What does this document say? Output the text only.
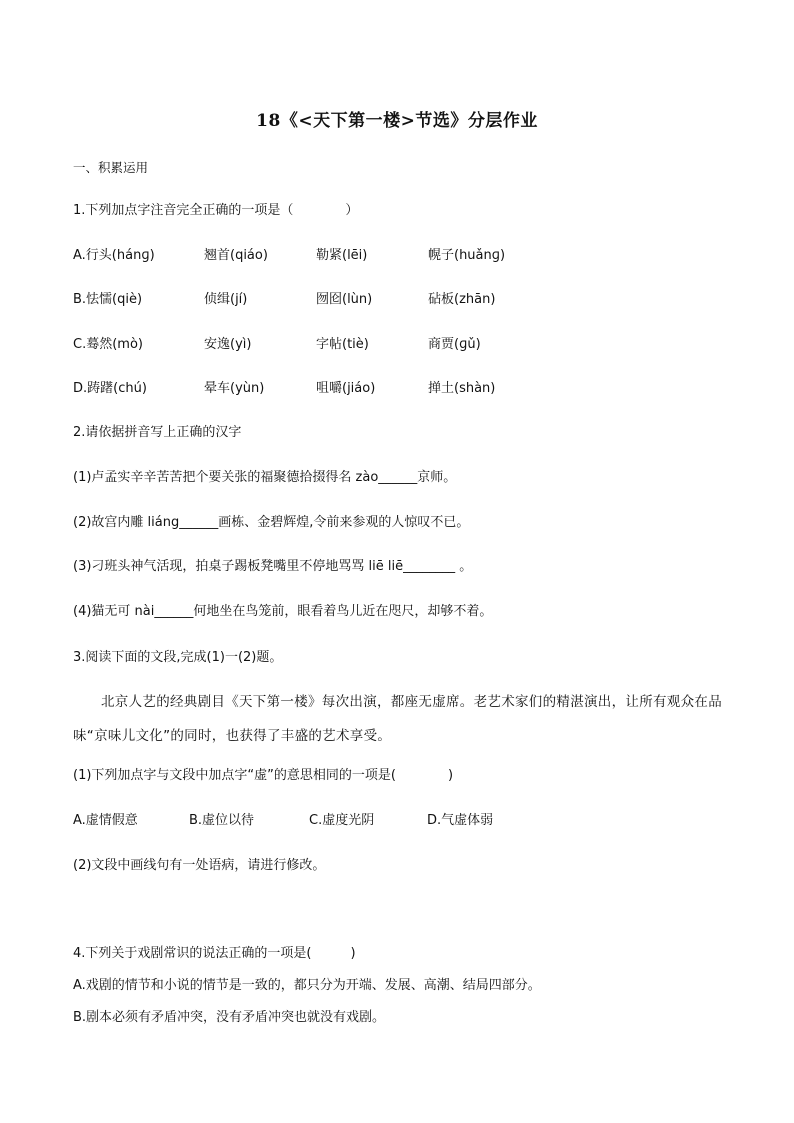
18《<天下第一楼>节选》分层作业
一、积累运用
1.下列加点字注音完全正确的一项是（　　　　）
A.行头(hánɡ)	翘首(qiáo)	勒紧(lēi)	幌子(huǎnɡ)
B.怯懦(qiè)	侦缉(jí)	囫囵(lùn)	砧板(zhān)
C.蓦然(mò)	安逸(yì)	字帖(tiè)	商贾(ɡǔ)
D.踌躇(chú)	晕车(yùn)	咀嚼(jiáo)	掸土(shàn)
2.请依据拼音写上正确的汉字
(1)卢孟实辛辛苦苦把个要关张的福聚德拾掇得名 zào______京师。
(2)故宫内雕 liáng______画栋、金碧辉煌,令前来参观的人惊叹不已。
(3)刁班头神气活现，拍桌子踢板凳嘴里不停地骂骂 liē liē________ 。
(4)猫无可 nài______何地坐在鸟笼前，眼看着鸟儿近在咫尺，却够不着。
3.阅读下面的文段,完成(1)一(2)题。
北京人艺的经典剧目《天下第一楼》每次出演，都座无虚席。老艺术家们的精湛演出，让所有观众在品味“京味儿文化”的同时，也获得了丰盛的艺术享受。
(1)下列加点字与文段中加点字“虚”的意思相同的一项是(　　　　)
A.虚情假意	B.虚位以待	C.虚度光阴	D.气虚体弱
(2)文段中画线句有一处语病，请进行修改。
4.下列关于戏剧常识的说法正确的一项是(　　　)
A.戏剧的情节和小说的情节是一致的，都只分为开端、发展、高潮、结局四部分。
B.剧本必须有矛盾冲突，没有矛盾冲突也就没有戏剧。
